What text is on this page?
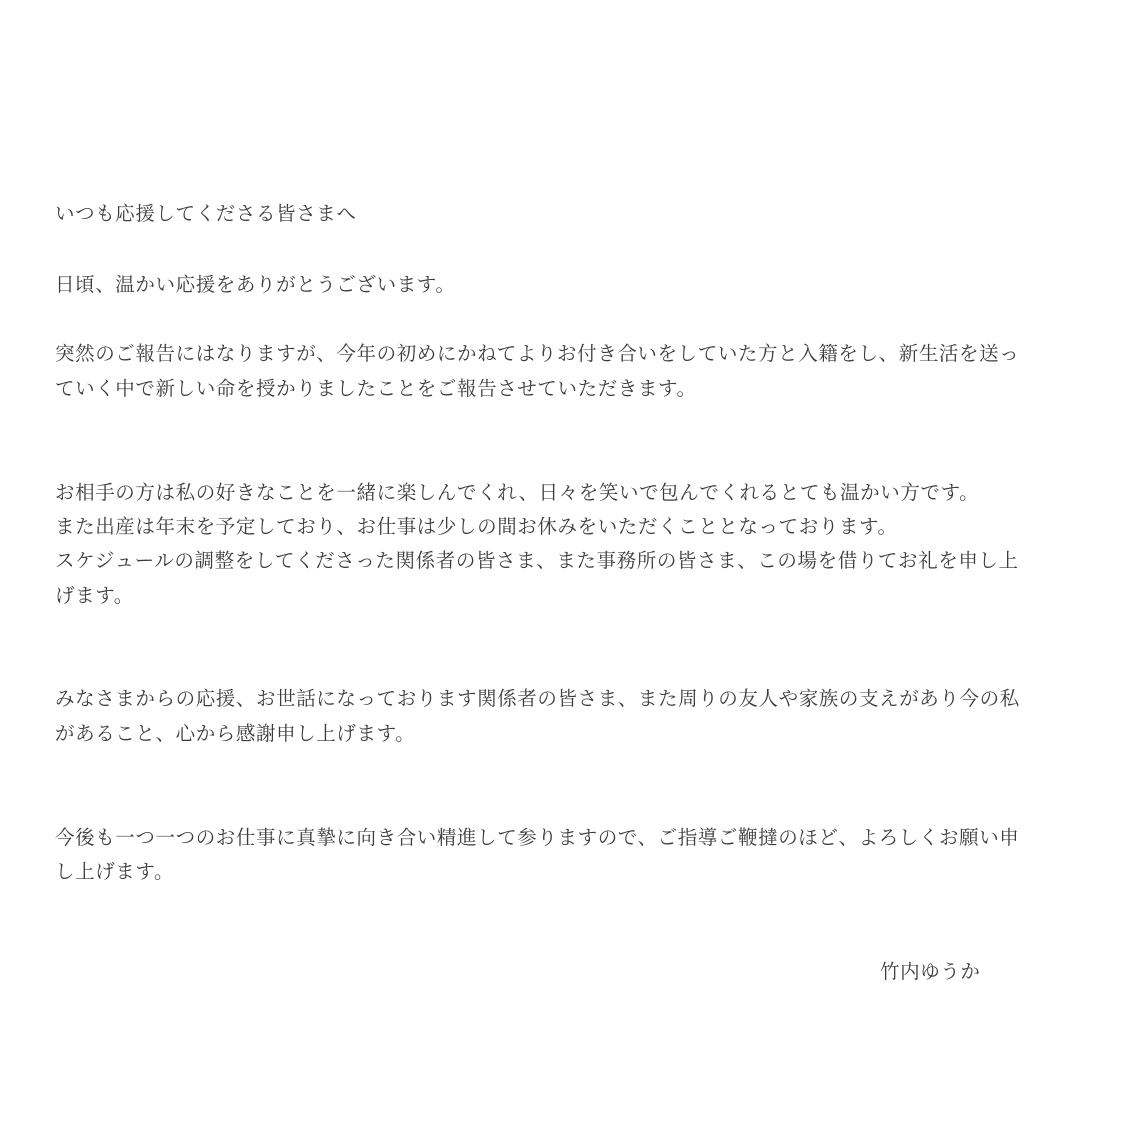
いつも応援してくださる皆さまへ
日頃、温かい応援をありがとうございます。
突然のご報告にはなりますが、今年の初めにかねてよりお付き合いをしていた方と入籍をし、新生活を送っ
ていく中で新しい命を授かりましたことをご報告させていただきます。
お相手の方は私の好きなことを一緒に楽しんでくれ、日々を笑いで包んでくれるとても温かい方です。
また出産は年末を予定しており、お仕事は少しの間お休みをいただくこととなっております。
スケジュールの調整をしてくださった関係者の皆さま、また事務所の皆さま、この場を借りてお礼を申し上
げます。
みなさまからの応援、お世話になっております関係者の皆さま、また周りの友人や家族の支えがあり今の私
があること、心から感謝申し上げます。
今後も一つ一つのお仕事に真摯に向き合い精進して参りますので、ご指導ご鞭撻のほど、よろしくお願い申
し上げます。
竹内ゆうか
